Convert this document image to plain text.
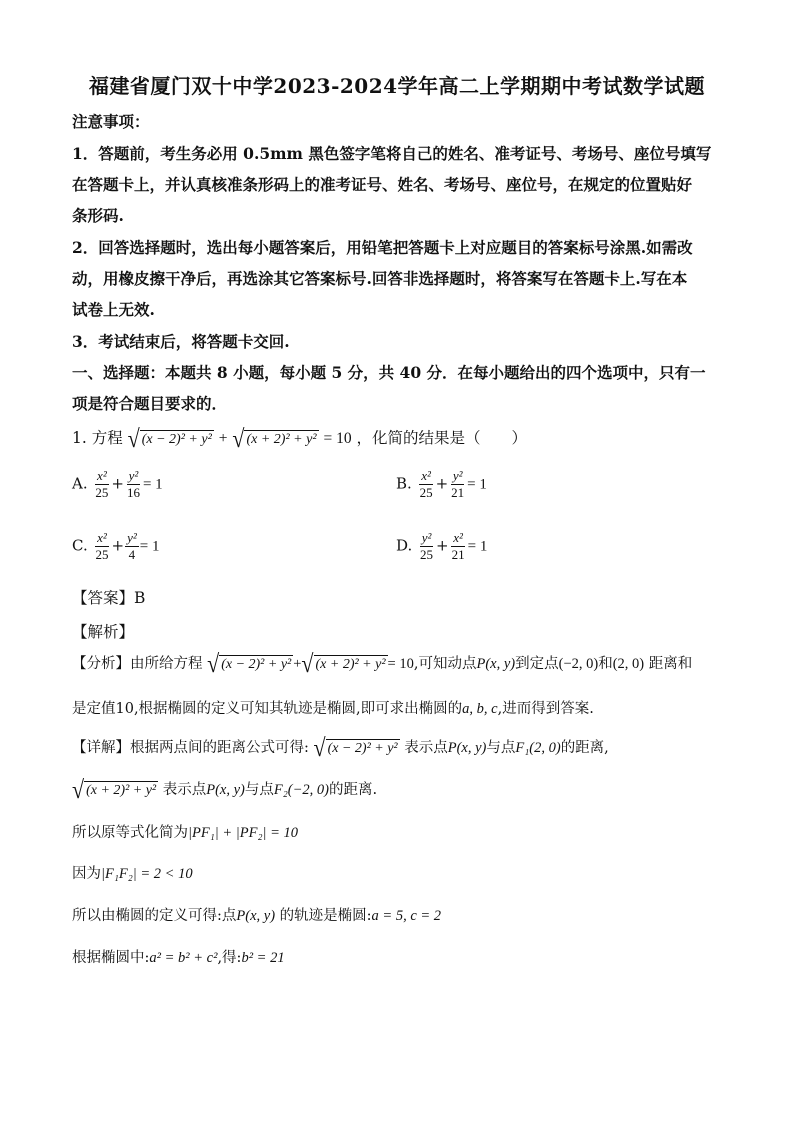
福建省厦门双十中学2023-2024学年高二上学期期中考试数学试题
注意事项：
1．答题前，考生务必用 0.5mm 黑色签字笔将自己的姓名、准考证号、考场号、座位号填写
在答题卡上，并认真核准条形码上的准考证号、姓名、考场号、座位号，在规定的位置贴好
条形码.
2．回答选择题时，选出每小题答案后，用铅笔把答题卡上对应题目的答案标号涂黑.如需改
动，用橡皮擦干净后，再选涂其它答案标号.回答非选择题时，将答案写在答题卡上.写在本
试卷上无效.
3．考试结束后，将答题卡交回.
一、选择题：本题共 8 小题，每小题 5 分，共 40 分．在每小题给出的四个选项中，只有一
项是符合题目要求的．
1. 方程 √ (x − 2)² + y² + √ (x + 2)² + y² = 10 ，化简的结果是（　　）
A. $\frac{\text{x²}}{25} + \frac{\text{y²}}{16} = 1$	B. $\frac{\text{x²}}{25} + \frac{\text{y²}}{21} = 1$
C. $\frac{\text{x²}}{25} + \frac{\text{y²}}{4} = 1$	D. $\frac{\text{y²}}{25} + \frac{\text{x²}}{21} = 1$
【答案】B
【解析】
【分析】由所给方程 √ (x − 2)² + y² + √ (x + 2)² + y² = 10,可知动点P(x, y)到定点(−2, 0)和(2, 0) 距离和
是定值10,根据椭圆的定义可知其轨迹是椭圆,即可求出椭圆的a, b, c,进而得到答案.
【详解】根据两点间的距离公式可得: √ (x − 2)² + y² 表示点P(x, y)与点F₁(2, 0)的距离,
√ (x + 2)² + y² 表示点P(x, y)与点F₂(−2, 0)的距离.
所以原等式化简为|PF₁| + |PF₂| = 10
因为|F₁F₂| = 2 < 10
所以由椭圆的定义可得:点P(x, y) 的轨迹是椭圆:a = 5, c = 2
根据椭圆中:a² = b² + c²,得:b² = 21
